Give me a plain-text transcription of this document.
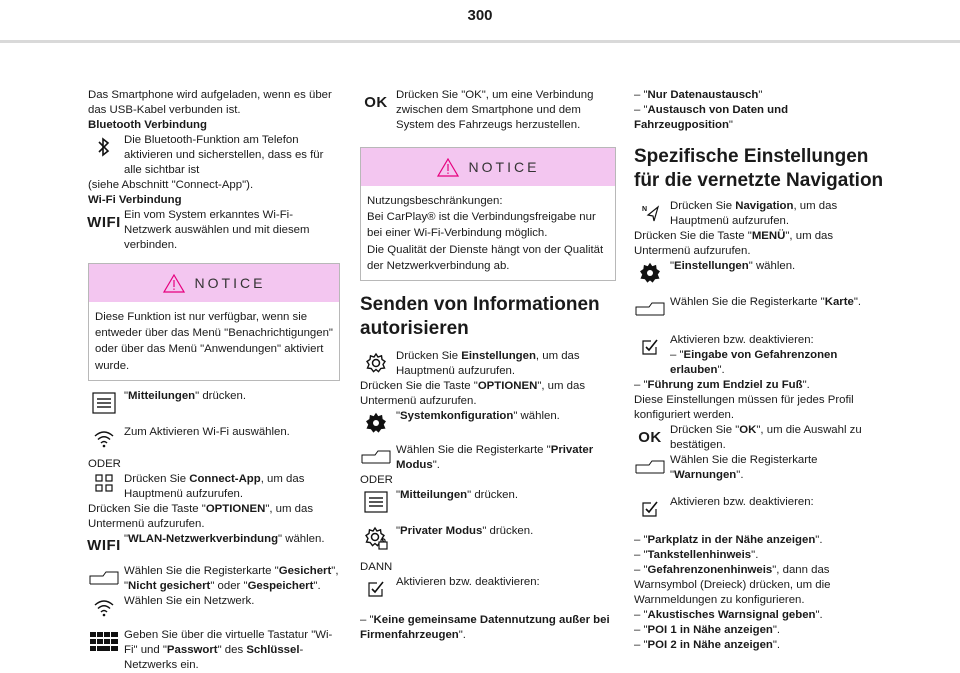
300

Das Smartphone wird aufgeladen, wenn es über das USB-Kabel verbunden ist.

Bluetooth Verbindung

Die Bluetooth-Funktion am Telefon aktivieren und sicherstellen, dass es für alle sichtbar ist

(siehe Abschnitt "Connect-App").

Wi-Fi Verbindung

WIFI Ein vom System erkanntes Wi-Fi-Netzwerk auswählen und mit diesem verbinden.

NOTICE
Diese Funktion ist nur verfügbar, wenn sie entweder über das Menü "Benachrichtigungen" oder über das Menü "Anwendungen" aktiviert wurde.

"Mitteilungen" drücken.

Zum Aktivieren Wi-Fi auswählen.

ODER

Drücken Sie Connect-App, um das Hauptmenü aufzurufen.

Drücken Sie die Taste "OPTIONEN", um das Untermenü aufzurufen.

WIFI "WLAN-Netzwerkverbindung" wählen.

Wählen Sie die Registerkarte "Gesichert", "Nicht gesichert" oder "Gespeichert".

Wählen Sie ein Netzwerk.

Geben Sie über die virtuelle Tastatur "Wi-Fi" und "Passwort" des Schlüssel-Netzwerks ein.

OK Drücken Sie "OK", um eine Verbindung zwischen dem Smartphone und dem System des Fahrzeugs herzustellen.

NOTICE
Nutzungsbeschränkungen:
Bei CarPlay® ist die Verbindungsfreigabe nur bei einer Wi-Fi-Verbindung möglich.
Die Qualität der Dienste hängt von der Qualität der Netzwerkverbindung ab.
Senden von Informationen autorisieren

Drücken Sie Einstellungen, um das Hauptmenü aufzurufen.

Drücken Sie die Taste "OPTIONEN", um das Untermenü aufzurufen.

"Systemkonfiguration" wählen.

Wählen Sie die Registerkarte "Privater Modus".

ODER

"Mitteilungen" drücken.

"Privater Modus" drücken.

DANN

Aktivieren bzw. deaktivieren:

– "Keine gemeinsame Datennutzung außer bei Firmenfahrzeugen".

– "Nur Datenaustausch"

– "Austausch von Daten und Fahrzeugposition"

Spezifische Einstellungen für die vernetzte Navigation
N Drücken Sie Navigation, um das Hauptmenü aufzurufen.

Drücken Sie die Taste "MENÜ", um das Untermenü aufzurufen.

"Einstellungen" wählen.

Wählen Sie die Registerkarte "Karte".

Aktivieren bzw. deaktivieren:
– "Eingabe von Gefahrenzonen erlauben".

– "Führung zum Endziel zu Fuß".

Diese Einstellungen müssen für jedes Profil konfiguriert werden.

OK Drücken Sie "OK", um die Auswahl zu bestätigen.

Wählen Sie die Registerkarte "Warnungen".

Aktivieren bzw. deaktivieren:

– "Parkplatz in der Nähe anzeigen".

– "Tankstellenhinweis".

– "Gefahrenzonenhinweis", dann das Warnsymbol (Dreieck) drücken, um die Warnmeldungen zu konfigurieren.

– "Akustisches Warnsignal geben".

– "POI 1 in Nähe anzeigen".

– "POI 2 in Nähe anzeigen".
